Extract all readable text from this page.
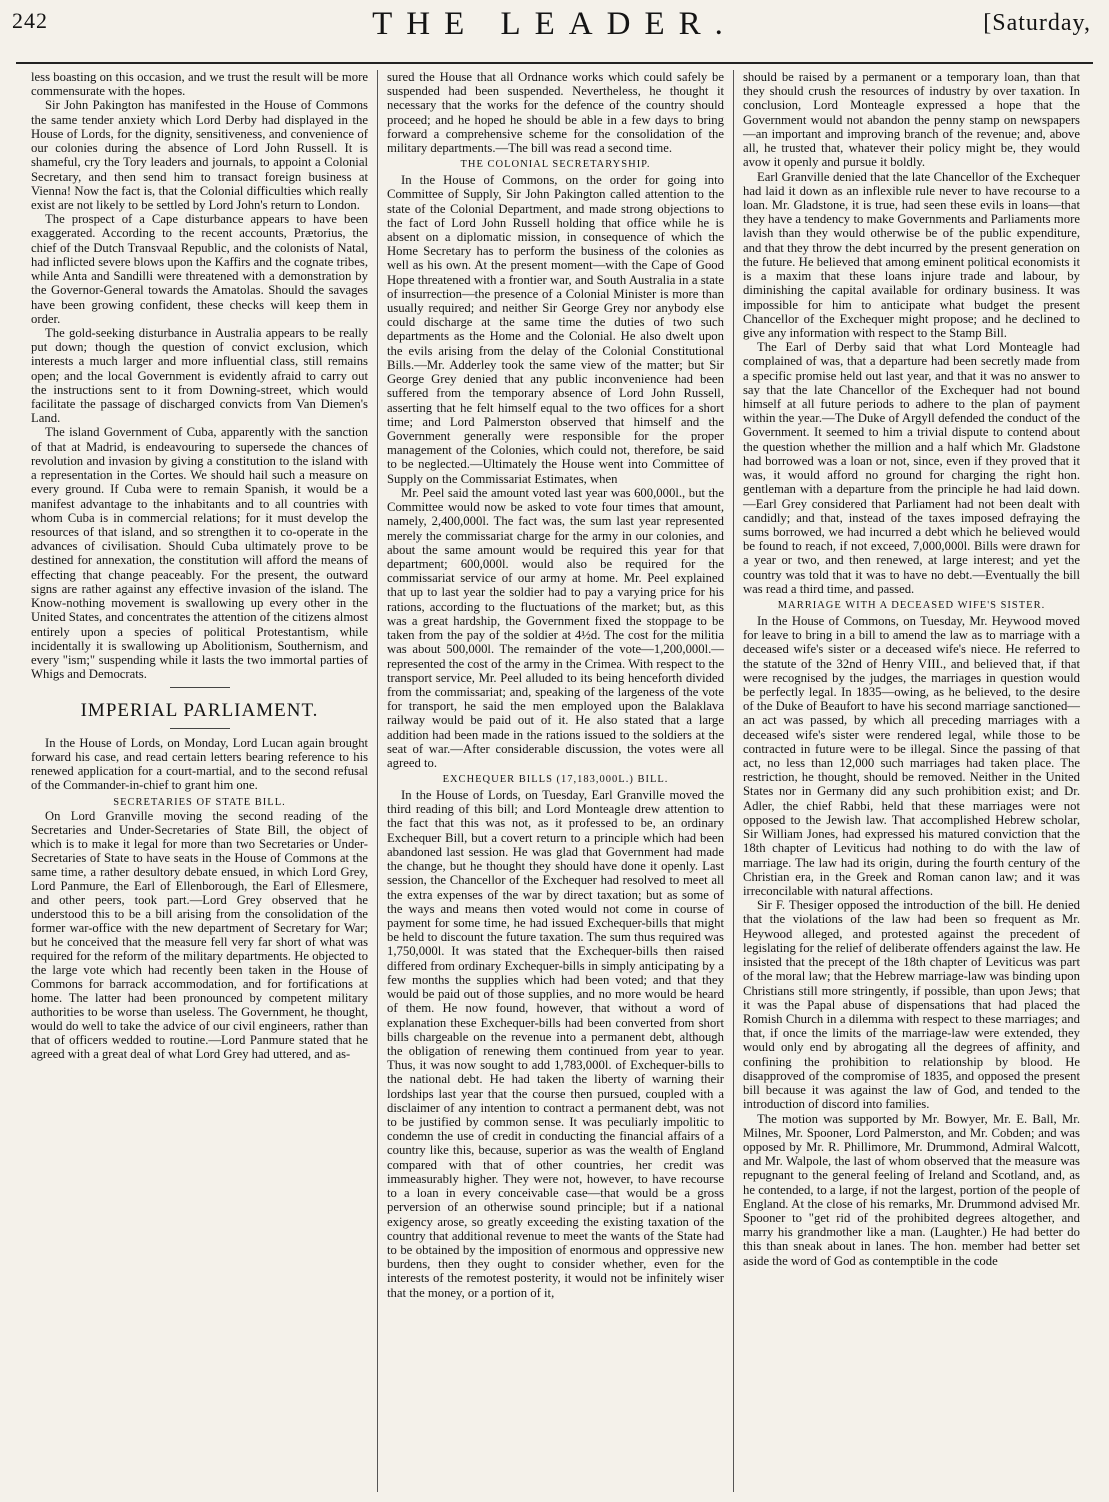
242	THE LEADER.	[Saturday,

less boasting on this occasion, and we trust the result will be more commensurate with the hopes.

Sir John Pakington has manifested in the House of Commons the same tender anxiety which Lord Derby had displayed in the House of Lords, for the dignity, sensitiveness, and convenience of our colonies during the absence of Lord John Russell. It is shameful, cry the Tory leaders and journals, to appoint a Colonial Secretary, and then send him to transact foreign business at Vienna! Now the fact is, that the Colonial difficulties which really exist are not likely to be settled by Lord John's return to London.

The prospect of a Cape disturbance appears to have been exaggerated. According to the recent accounts, Prætorius, the chief of the Dutch Transvaal Republic, and the colonists of Natal, had inflicted severe blows upon the Kaffirs and the cognate tribes, while Anta and Sandilli were threatened with a demonstration by the Governor-General towards the Amatolas. Should the savages have been growing confident, these checks will keep them in order.

The gold-seeking disturbance in Australia appears to be really put down; though the question of convict exclusion, which interests a much larger and more influential class, still remains open; and the local Government is evidently afraid to carry out the instructions sent to it from Downing-street, which would facilitate the passage of discharged convicts from Van Diemen's Land.

The island Government of Cuba, apparently with the sanction of that at Madrid, is endeavouring to supersede the chances of revolution and invasion by giving a constitution to the island with a representation in the Cortes. We should hail such a measure on every ground. If Cuba were to remain Spanish, it would be a manifest advantage to the inhabitants and to all countries with whom Cuba is in commercial relations; for it must develop the resources of that island, and so strengthen it to co-operate in the advances of civilisation. Should Cuba ultimately prove to be destined for annexation, the constitution will afford the means of effecting that change peaceably. For the present, the outward signs are rather against any effective invasion of the island. The Know-nothing movement is swallowing up every other in the United States, and concentrates the attention of the citizens almost entirely upon a species of political Protestantism, while incidentally it is swallowing up Abolitionism, Southernism, and every "ism;" suspending while it lasts the two immortal parties of Whigs and Democrats.

IMPERIAL PARLIAMENT.

In the House of Lords, on Monday, Lord Lucan again brought forward his case, and read certain letters bearing reference to his renewed application for a court-martial, and to the second refusal of the Commander-in-chief to grant him one.

SECRETARIES OF STATE BILL.

On Lord Granville moving the second reading of the Secretaries and Under-Secretaries of State Bill, the object of which is to make it legal for more than two Secretaries or Under-Secretaries of State to have seats in the House of Commons at the same time, a rather desultory debate ensued, in which Lord Grey, Lord Panmure, the Earl of Ellenborough, the Earl of Ellesmere, and other peers, took part.—Lord Grey observed that he understood this to be a bill arising from the consolidation of the former war-office with the new department of Secretary for War; but he conceived that the measure fell very far short of what was required for the reform of the military departments. He objected to the large vote which had recently been taken in the House of Commons for barrack accommodation, and for fortifications at home. The latter had been pronounced by competent military authorities to be worse than useless. The Government, he thought, would do well to take the advice of our civil engineers, rather than that of officers wedded to routine.—Lord Panmure stated that he agreed with a great deal of what Lord Grey had uttered, and as-

sured the House that all Ordnance works which could safely be suspended had been suspended. Nevertheless, he thought it necessary that the works for the defence of the country should proceed; and he hoped he should be able in a few days to bring forward a comprehensive scheme for the consolidation of the military departments.—The bill was read a second time.

THE COLONIAL SECRETARYSHIP.

In the House of Commons, on the order for going into Committee of Supply, Sir John Pakington called attention to the state of the Colonial Department, and made strong objections to the fact of Lord John Russell holding that office while he is absent on a diplomatic mission, in consequence of which the Home Secretary has to perform the business of the colonies as well as his own. At the present moment—with the Cape of Good Hope threatened with a frontier war, and South Australia in a state of insurrection—the presence of a Colonial Minister is more than usually required; and neither Sir George Grey nor anybody else could discharge at the same time the duties of two such departments as the Home and the Colonial. He also dwelt upon the evils arising from the delay of the Colonial Constitutional Bills.—Mr. Adderley took the same view of the matter; but Sir George Grey denied that any public inconvenience had been suffered from the temporary absence of Lord John Russell, asserting that he felt himself equal to the two offices for a short time; and Lord Palmerston observed that himself and the Government generally were responsible for the proper management of the Colonies, which could not, therefore, be said to be neglected.—Ultimately the House went into Committee of Supply on the Commissariat Estimates, when

Mr. Peel said the amount voted last year was 600,000l., but the Committee would now be asked to vote four times that amount, namely, 2,400,000l. The fact was, the sum last year represented merely the commissariat charge for the army in our colonies, and about the same amount would be required this year for that department; 600,000l. would also be required for the commissariat service of our army at home. Mr. Peel explained that up to last year the soldier had to pay a varying price for his rations, according to the fluctuations of the market; but, as this was a great hardship, the Government fixed the stoppage to be taken from the pay of the soldier at 4½d. The cost for the militia was about 500,000l. The remainder of the vote—1,200,000l.—represented the cost of the army in the Crimea. With respect to the transport service, Mr. Peel alluded to its being henceforth divided from the commissariat; and, speaking of the largeness of the vote for transport, he said the men employed upon the Balaklava railway would be paid out of it. He also stated that a large addition had been made in the rations issued to the soldiers at the seat of war.—After considerable discussion, the votes were all agreed to.

EXCHEQUER BILLS (17,183,000L.) BILL.

In the House of Lords, on Tuesday, Earl Granville moved the third reading of this bill; and Lord Monteagle drew attention to the fact that this was not, as it professed to be, an ordinary Exchequer Bill, but a covert return to a principle which had been abandoned last session. He was glad that Government had made the change, but he thought they should have done it openly. Last session, the Chancellor of the Exchequer had resolved to meet all the extra expenses of the war by direct taxation; but as some of the ways and means then voted would not come in course of payment for some time, he had issued Exchequer-bills that might be held to discount the future taxation. The sum thus required was 1,750,000l. It was stated that the Exchequer-bills then raised differed from ordinary Exchequer-bills in simply anticipating by a few months the supplies which had been voted; and that they would be paid out of those supplies, and no more would be heard of them. He now found, however, that without a word of explanation these Exchequer-bills had been converted from short bills chargeable on the revenue into a permanent debt, although the obligation of renewing them continued from year to year. Thus, it was now sought to add 1,783,000l. of Exchequer-bills to the national debt. He had taken the liberty of warning their lordships last year that the course then pursued, coupled with a disclaimer of any intention to contract a permanent debt, was not to be justified by common sense. It was peculiarly impolitic to condemn the use of credit in conducting the financial affairs of a country like this, because, superior as was the wealth of England compared with that of other countries, her credit was immeasurably higher. They were not, however, to have recourse to a loan in every conceivable case—that would be a gross perversion of an otherwise sound principle; but if a national exigency arose, so greatly exceeding the existing taxation of the country that additional revenue to meet the wants of the State had to be obtained by the imposition of enormous and oppressive new burdens, then they ought to consider whether, even for the interests of the remotest posterity, it would not be infinitely wiser that the money, or a portion of it,

should be raised by a permanent or a temporary loan, than that they should crush the resources of industry by over taxation. In conclusion, Lord Monteagle expressed a hope that the Government would not abandon the penny stamp on newspapers—an important and improving branch of the revenue; and, above all, he trusted that, whatever their policy might be, they would avow it openly and pursue it boldly.

Earl Granville denied that the late Chancellor of the Exchequer had laid it down as an inflexible rule never to have recourse to a loan. Mr. Gladstone, it is true, had seen these evils in loans—that they have a tendency to make Governments and Parliaments more lavish than they would otherwise be of the public expenditure, and that they throw the debt incurred by the present generation on the future. He believed that among eminent political economists it is a maxim that these loans injure trade and labour, by diminishing the capital available for ordinary business. It was impossible for him to anticipate what budget the present Chancellor of the Exchequer might propose; and he declined to give any information with respect to the Stamp Bill.

The Earl of Derby said that what Lord Monteagle had complained of was, that a departure had been secretly made from a specific promise held out last year, and that it was no answer to say that the late Chancellor of the Exchequer had not bound himself at all future periods to adhere to the plan of payment within the year.—The Duke of Argyll defended the conduct of the Government. It seemed to him a trivial dispute to contend about the question whether the million and a half which Mr. Gladstone had borrowed was a loan or not, since, even if they proved that it was, it would afford no ground for charging the right hon. gentleman with a departure from the principle he had laid down.—Earl Grey considered that Parliament had not been dealt with candidly; and that, instead of the taxes imposed defraying the sums borrowed, we had incurred a debt which he believed would be found to reach, if not exceed, 7,000,000l. Bills were drawn for a year or two, and then renewed, at large interest; and yet the country was told that it was to have no debt.—Eventually the bill was read a third time, and passed.

MARRIAGE WITH A DECEASED WIFE'S SISTER.

In the House of Commons, on Tuesday, Mr. Heywood moved for leave to bring in a bill to amend the law as to marriage with a deceased wife's sister or a deceased wife's niece. He referred to the statute of the 32nd of Henry VIII., and believed that, if that were recognised by the judges, the marriages in question would be perfectly legal. In 1835—owing, as he believed, to the desire of the Duke of Beaufort to have his second marriage sanctioned—an act was passed, by which all preceding marriages with a deceased wife's sister were rendered legal, while those to be contracted in future were to be illegal. Since the passing of that act, no less than 12,000 such marriages had taken place. The restriction, he thought, should be removed. Neither in the United States nor in Germany did any such prohibition exist; and Dr. Adler, the chief Rabbi, held that these marriages were not opposed to the Jewish law. That accomplished Hebrew scholar, Sir William Jones, had expressed his matured conviction that the 18th chapter of Leviticus had nothing to do with the law of marriage. The law had its origin, during the fourth century of the Christian era, in the Greek and Roman canon law; and it was irreconcilable with natural affections.

Sir F. Thesiger opposed the introduction of the bill. He denied that the violations of the law had been so frequent as Mr. Heywood alleged, and protested against the precedent of legislating for the relief of deliberate offenders against the law. He insisted that the precept of the 18th chapter of Leviticus was part of the moral law; that the Hebrew marriage-law was binding upon Christians still more stringently, if possible, than upon Jews; that it was the Papal abuse of dispensations that had placed the Romish Church in a dilemma with respect to these marriages; and that, if once the limits of the marriage-law were extended, they would only end by abrogating all the degrees of affinity, and confining the prohibition to relationship by blood. He disapproved of the compromise of 1835, and opposed the present bill because it was against the law of God, and tended to the introduction of discord into families.

The motion was supported by Mr. Bowyer, Mr. E. Ball, Mr. Milnes, Mr. Spooner, Lord Palmerston, and Mr. Cobden; and was opposed by Mr. R. Phillimore, Mr. Drummond, Admiral Walcott, and Mr. Walpole, the last of whom observed that the measure was repugnant to the general feeling of Ireland and Scotland, and, as he contended, to a large, if not the largest, portion of the people of England. At the close of his remarks, Mr. Drummond advised Mr. Spooner to "get rid of the prohibited degrees altogether, and marry his grandmother like a man. (Laughter.) He had better do this than sneak about in lanes. The hon. member had better set aside the word of God as contemptible in the code
